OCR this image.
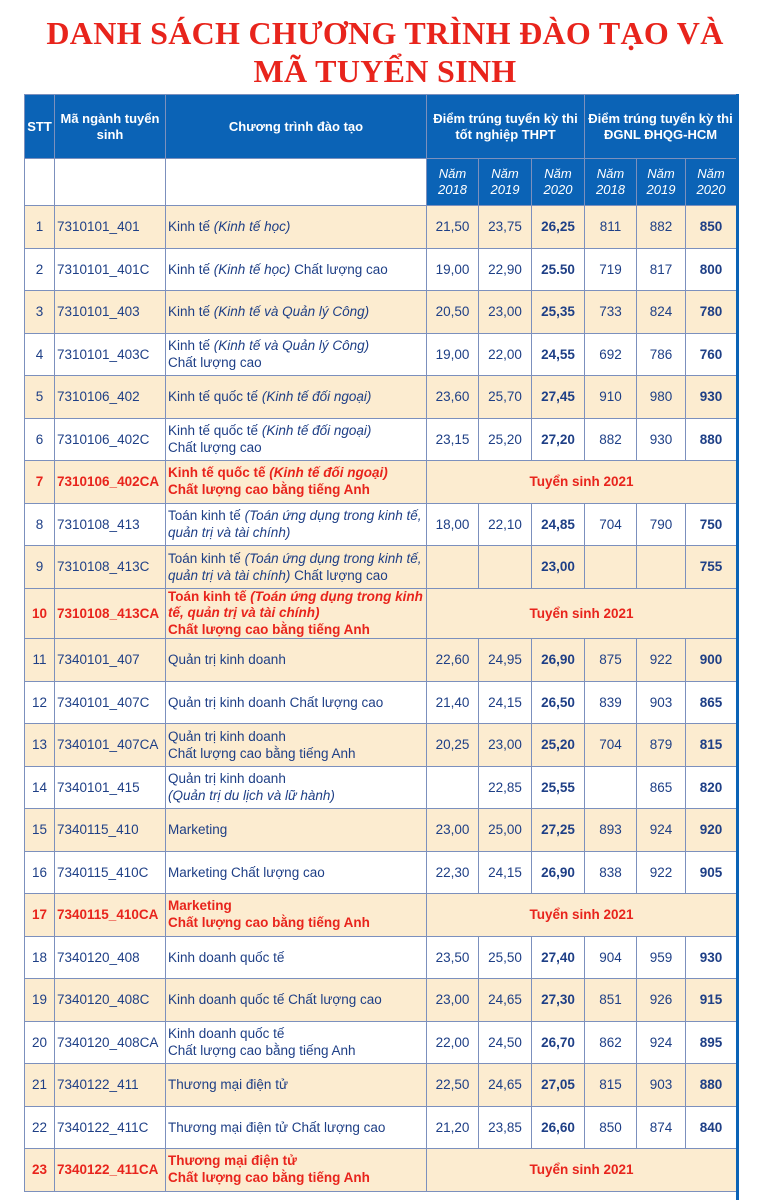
DANH SÁCH CHƯƠNG TRÌNH ĐÀO TẠO VÀ
MÃ TUYỂN SINH
STT	Mã ngành tuyển sinh	Chương trình đào tạo	Điểm trúng tuyển kỳ thi tốt nghiệp THPT			Điểm trúng tuyển kỳ thi ĐGNL ĐHQG-HCM		
			Năm 2018	Năm 2019	Năm 2020	Năm 2018	Năm 2019	Năm 2020
1	7310101_401	Kinh tế (Kinh tế học)	21,50	23,75	26,25	811	882	850
2	7310101_401C	Kinh tế (Kinh tế học) Chất lượng cao	19,00	22,90	25.50	719	817	800
3	7310101_403	Kinh tế (Kinh tế và Quản lý Công)	20,50	23,00	25,35	733	824	780
4	7310101_403C	Kinh tế (Kinh tế và Quản lý Công)
Chất lượng cao	19,00	22,00	24,55	692	786	760
5	7310106_402	Kinh tế quốc tế (Kinh tế đối ngoại)	23,60	25,70	27,45	910	980	930
6	7310106_402C	Kinh tế quốc tế (Kinh tế đối ngoại)
Chất lượng cao	23,15	25,20	27,20	882	930	880
7	7310106_402CA	Kinh tế quốc tế (Kinh tế đối ngoại)
Chất lượng cao bằng tiếng Anh	Tuyển sinh 2021					
8	7310108_413	Toán kinh tế (Toán ứng dụng trong kinh tế, quản trị và tài chính)	18,00	22,10	24,85	704	790	750
9	7310108_413C	Toán kinh tế (Toán ứng dụng trong kinh tế, quản trị và tài chính) Chất lượng cao			23,00			755
10	7310108_413CA	Toán kinh tế (Toán ứng dụng trong kinh tế, quản trị và tài chính)
Chất lượng cao bằng tiếng Anh	Tuyển sinh 2021					
11	7340101_407	Quản trị kinh doanh	22,60	24,95	26,90	875	922	900
12	7340101_407C	Quản trị kinh doanh Chất lượng cao	21,40	24,15	26,50	839	903	865
13	7340101_407CA	Quản trị kinh doanh
Chất lượng cao bằng tiếng Anh	20,25	23,00	25,20	704	879	815
14	7340101_415	Quản trị kinh doanh
(Quản trị du lịch và lữ hành)		22,85	25,55		865	820
15	7340115_410	Marketing	23,00	25,00	27,25	893	924	920
16	7340115_410C	Marketing Chất lượng cao	22,30	24,15	26,90	838	922	905
17	7340115_410CA	Marketing
Chất lượng cao bằng tiếng Anh	Tuyển sinh 2021					
18	7340120_408	Kinh doanh quốc tế	23,50	25,50	27,40	904	959	930
19	7340120_408C	Kinh doanh quốc tế Chất lượng cao	23,00	24,65	27,30	851	926	915
20	7340120_408CA	Kinh doanh quốc tế
Chất lượng cao bằng tiếng Anh	22,00	24,50	26,70	862	924	895
21	7340122_411	Thương mại điện tử	22,50	24,65	27,05	815	903	880
22	7340122_411C	Thương mại điện tử Chất lượng cao	21,20	23,85	26,60	850	874	840
23	7340122_411CA	Thương mại điện tử
Chất lượng cao bằng tiếng Anh	Tuyển sinh 2021					
